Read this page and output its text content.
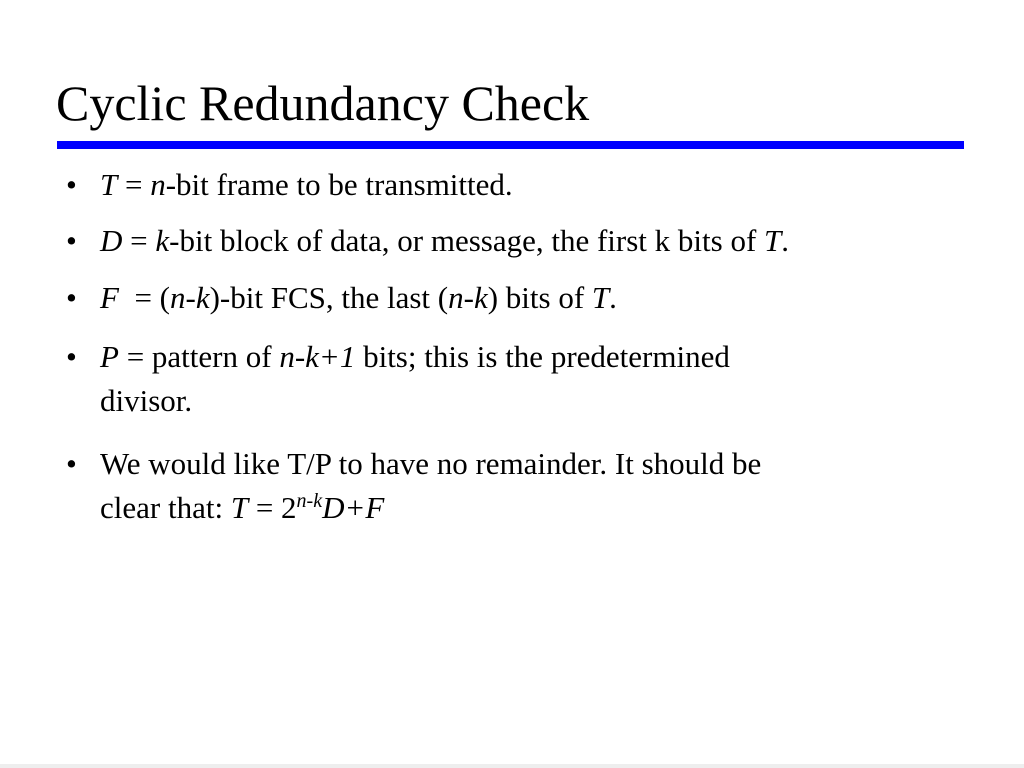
Cyclic Redundancy Check
• T = n-bit frame to be transmitted.
• D = k-bit block of data, or message, the first k bits of T.
• F  = (n-k)-bit FCS, the last (n-k) bits of T.
• P = pattern of n-k+1 bits; this is the predetermined
divisor.
• We would like T/P to have no remainder. It should be
clear that: $T = 2^{n-k}D+F$
